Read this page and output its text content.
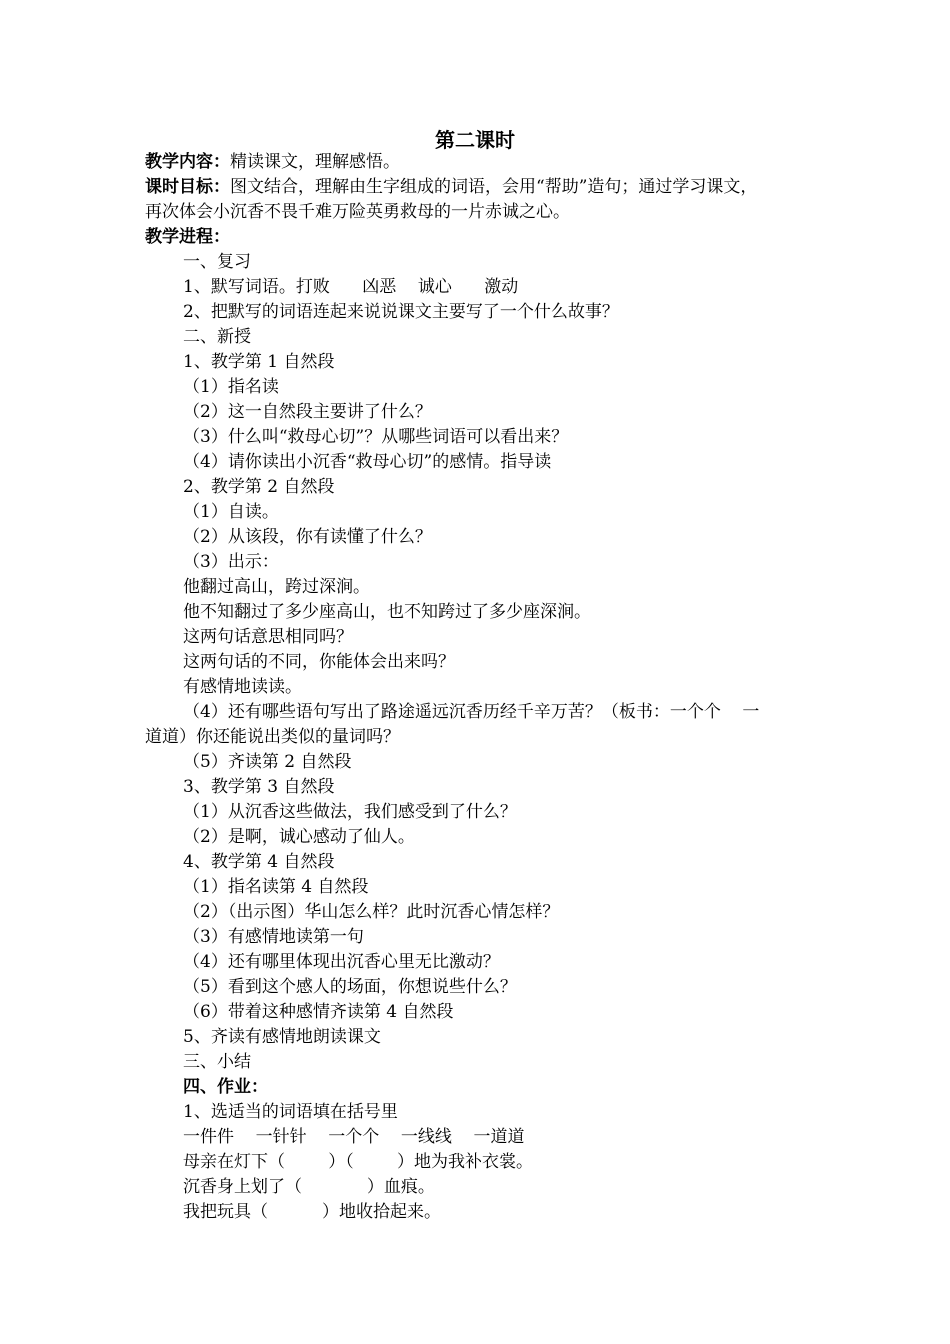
第二课时
教学内容：精读课文，理解感悟。
课时目标：图文结合，理解由生字组成的词语，会用“帮助”造句；通过学习课文，
再次体会小沉香不畏千难万险英勇救母的一片赤诚之心。
教学进程：
一、复习
1、默写词语。打败      凶恶    诚心      激动
2、把默写的词语连起来说说课文主要写了一个什么故事？
二、新授
1、教学第 1 自然段
（1）指名读
（2）这一自然段主要讲了什么？
（3）什么叫“救母心切”？从哪些词语可以看出来？
（4）请你读出小沉香“救母心切”的感情。指导读
2、教学第 2 自然段
（1）自读。
（2）从该段，你有读懂了什么？
（3）出示：
他翻过高山，跨过深涧。
他不知翻过了多少座高山，也不知跨过了多少座深涧。
这两句话意思相同吗？
这两句话的不同，你能体会出来吗？
有感情地读读。
（4）还有哪些语句写出了路途遥远沉香历经千辛万苦？（板书：一个个    一
道道）你还能说出类似的量词吗？
（5）齐读第 2 自然段
3、教学第 3 自然段
（1）从沉香这些做法，我们感受到了什么？
（2）是啊，诚心感动了仙人。
4、教学第 4 自然段
（1）指名读第 4 自然段
（2）（出示图）华山怎么样？此时沉香心情怎样？
（3）有感情地读第一句
（4）还有哪里体现出沉香心里无比激动？
（5）看到这个感人的场面，你想说些什么？
（6）带着这种感情齐读第 4 自然段
5、齐读有感情地朗读课文
三、小结
四、作业：
1、选适当的词语填在括号里
一件件    一针针    一个个    一线线    一道道
母亲在灯下（        ）（        ）地为我补衣裳。
沉香身上划了（            ）血痕。
我把玩具（          ）地收拾起来。
